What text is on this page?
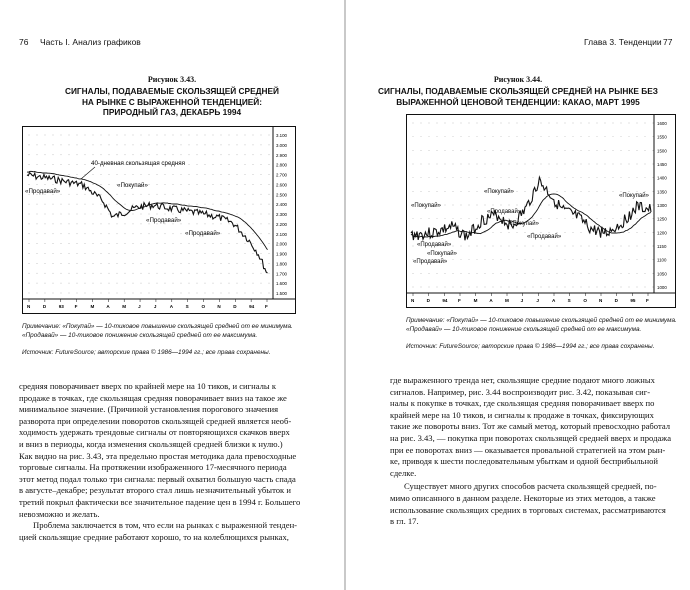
76 Часть I. Анализ графиков
Рисунок 3.43.
СИГНАЛЫ, ПОДАВАЕМЫЕ СКОЛЬЗЯЩЕЙ СРЕДНЕЙ
НА РЫНКЕ С ВЫРАЖЕННОЙ ТЕНДЕНЦИЕЙ:
ПРИРОДНЫЙ ГАЗ, ДЕКАБРЬ 1994
3.100
3.000
2.900
2.800
2.700
2.600
2.500
2.400
2.300
2.200
2.100
2.000
1.900
1.800
1.700
1.600
1.500
N	D	93 F	M	A	M	J	J	A	S	O	N	D	94 F
40-дневная скользящая средняя
«Продавай»
«Покупай»
«Продавай»
«Продавай»
Примечание: «Покупай» — 10-тиковое повышение скользящей средней от ее минимума.
«Продавай» — 10-тиковое понижение скользящей средней от ее максимума.
Источник: FutureSource; авторские права © 1986—1994 гг.; все права сохранены.

средняя поворачивает вверх по крайней мере на 10 тиков, и сигналы к

продаже в точках, где скользящая средняя поворачивает вниз на такое же

минимальное значение. (Причиной установления порогового значения

разворота при определении поворотов скользящей средней является необ-

ходимость удержать трендовые сигналы от повторяющихся скачков вверх

и вниз в периоды, когда изменения скользящей средней близки к нулю.)

Как видно на рис. 3.43, эта предельно простая методика дала превосходные

торговые сигналы. На протяжении изображенного 17-месячного периода

этот метод подал только три сигнала: первый охватил большую часть спада

в августе–декабре; результат второго стал лишь незначительный убыток и

третий покрыл фактически все значительное падение цен в 1994 г. Большего

невозможно и желать.

Проблема заключается в том, что если на рынках с выраженной тенден-

цией скользящие средние работают хорошо, то на колеблющихся рынках,

Глава 3. Тенденции 77
Рисунок 3.44.
СИГНАЛЫ, ПОДАВАЕМЫЕ СКОЛЬЗЯЩЕЙ СРЕДНЕЙ НА РЫНКЕ БЕЗ
ВЫРАЖЕННОЙ ЦЕНОВОЙ ТЕНДЕНЦИИ: КАКАО, МАРТ 1995
1600
1550
1500
1450
1400
1350
1300
1250
1200
1150
1100
1050
1000
N	D	94 F	M	A	M	J	J	A	S	O	N	D	95 F
«Покупай»
«Продавай»
«Покупай»
«Продавай»
«Покупай»
«Продавай»
«Покупай»
«Продавай»
«Покупай»
Примечание: «Покупай» — 10-тиковое повышение скользящей средней от ее минимума.
«Продавай» — 10-тиковое понижение скользящей средней от ее максимума.
Источник: FutureSource; авторские права © 1986—1994 гг.; все права сохранены.

где выраженного тренда нет, скользящие средние подают много ложных

сигналов. Например, рис. 3.44 воспроизводит рис. 3.42, показывая сиг-

налы к покупке в точках, где скользящая средняя поворачивает вверх по

крайней мере на 10 тиков, и сигналы к продаже в точках, фиксирующих

такие же повороты вниз. Тот же самый метод, который превосходно работал

на рис. 3.43, — покупка при поворотах скользящей средней вверх и продажа

при ее поворотах вниз — оказывается провальной стратегией на этом рын-

ке, приводя к шести последовательным убыткам и одной бесприбыльной

сделке.

Существует много других способов расчета скользящей средней, по-

мимо описанного в данном разделе. Некоторые из этих методов, а также

использование скользящих средних в торговых системах, рассматриваются

в гл. 17.
